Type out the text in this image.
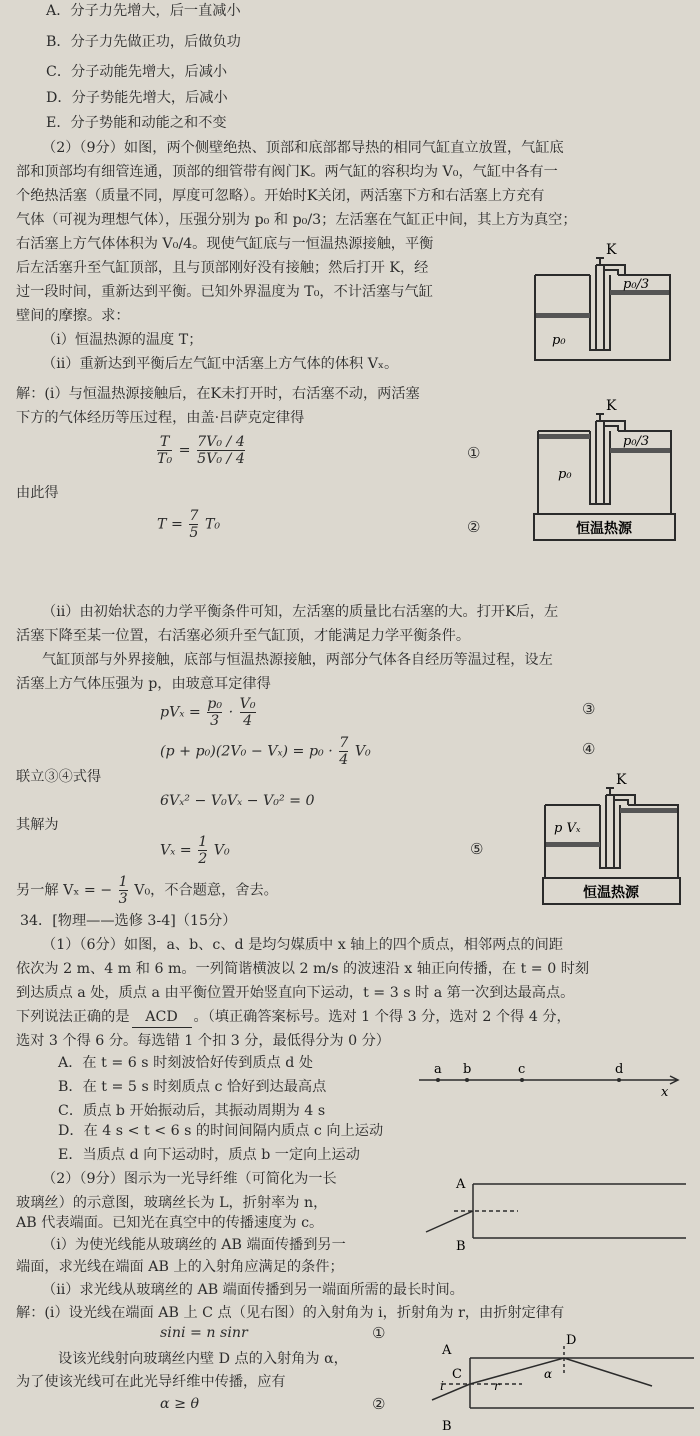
A．分子力先增大，后一直减小
B．分子力先做正功，后做负功
C．分子动能先增大，后减小
D．分子势能先增大，后减小
E．分子势能和动能之和不变
（2）（9分）如图，两个侧壁绝热、顶部和底部都导热的相同气缸直立放置，气缸底
部和顶部均有细管连通，顶部的细管带有阀门K。两气缸的容积均为 V₀，气缸中各有一
个绝热活塞（质量不同，厚度可忽略）。开始时K关闭，两活塞下方和右活塞上方充有
气体（可视为理想气体），压强分别为 p₀ 和 p₀/3；左活塞在气缸正中间，其上方为真空；
右活塞上方气体体积为 V₀/4。现使气缸底与一恒温热源接触，平衡
后左活塞升至气缸顶部，且与顶部刚好没有接触；然后打开 K，经
过一段时间，重新达到平衡。已知外界温度为 T₀，不计活塞与气缸
壁间的摩擦。求：
（i）恒温热源的温度 T；
（ii）重新达到平衡后左气缸中活塞上方气体的体积 Vₓ。
K
p₀/3
p₀
解：(i）与恒温热源接触后，在K未打开时，右活塞不动，两活塞
下方的气体经历等压过程，由盖·吕萨克定律得
$\frac{T}{\text{T₀}} = \frac{\text{7V₀ / 4}}{\text{5V₀ / 4}}$	①
由此得
$T = \frac{7}{5} T_0$	②
K
p₀/3
p₀
恒温热源
（ii）由初始状态的力学平衡条件可知，左活塞的质量比右活塞的大。打开K后，左
活塞下降至某一位置，右活塞必须升至气缸顶，才能满足力学平衡条件。
气缸顶部与外界接触，底部与恒温热源接触，两部分气体各自经历等温过程，设左
活塞上方气体压强为 p，由玻意耳定律得
$pV_x = \frac{\text{p₀}}{3} \cdot \frac{\text{V₀}}{4}$	③
$(p + p_0)(2V_0 - V_x) = p_0 \cdot \frac{7}{4} V_0$	④
联立③④式得
6Vₓ² − V₀Vₓ − V₀² = 0
其解为
$V_x = \frac{1}{2} V_0$	⑤
另一解 Vₓ = − $\frac{1}{3} V_0$，不合题意，舍去。
K
p Vₓ
恒温热源
34．[物理——选修 3-4]（15分）
（1）（6分）如图，a、b、c、d 是均匀媒质中 x 轴上的四个质点，相邻两点的间距
依次为 2 m、4 m 和 6 m。一列简谐横波以 2 m/s 的波速沿 x 轴正向传播，在 t = 0 时刻
到达质点 a 处，质点 a 由平衡位置开始竖直向下运动，t = 3 s 时 a 第一次到达最高点。
下列说法正确的是 ACD 。（填正确答案标号。选对 1 个得 3 分，选对 2 个得 4 分，
选对 3 个得 6 分。每选错 1 个扣 3 分，最低得分为 0 分）
A．在 t = 6 s 时刻波恰好传到质点 d 处
B．在 t = 5 s 时刻质点 c 恰好到达最高点
C．质点 b 开始振动后，其振动周期为 4 s
D．在 4 s < t < 6 s 的时间间隔内质点 c 向上运动
E．当质点 d 向下运动时，质点 b 一定向上运动
a b	c	d
x
（2）（9分）图示为一光导纤维（可简化为一长
玻璃丝）的示意图，玻璃丝长为 L，折射率为 n，
AB 代表端面。已知光在真空中的传播速度为 c。
（i）为使光线能从玻璃丝的 AB 端面传播到另一
端面，求光线在端面 AB 上的入射角应满足的条件；
（ii）求光线从玻璃丝的 AB 端面传播到另一端面所需的最长时间。
解：(i）设光线在端面 AB 上 C 点（见右图）的入射角为 i，折射角为 r，由折射定律有
sini = n sinr	①
设该光线射向玻璃丝内壁 D 点的入射角为 α，
为了使该光线可在此光导纤维中传播，应有
α ≥ θ	②
A
B
A
B
C
D
i	r
α
